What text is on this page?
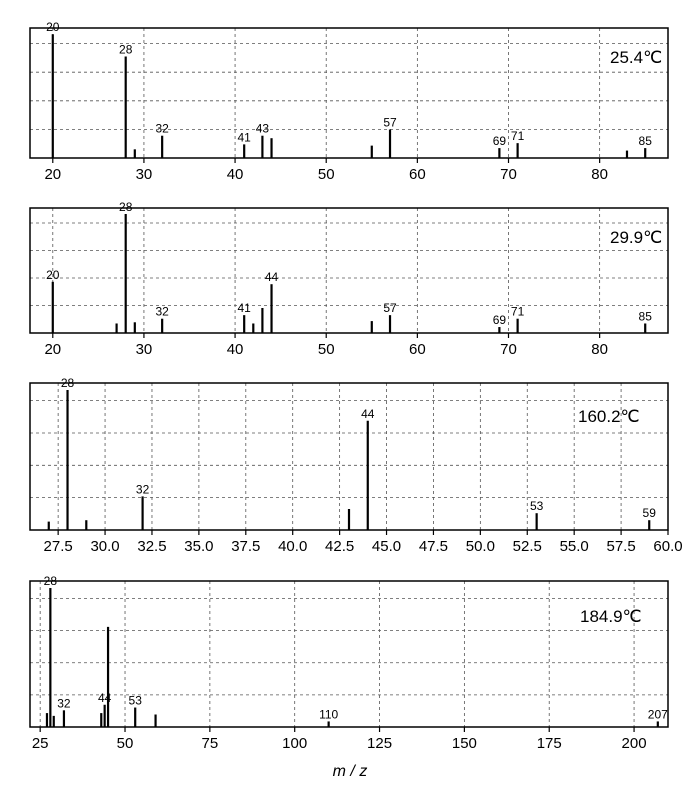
20	30	40	50	60	70	80
20
28
32
41
43	57
69 71	85
25.4℃
20	30	40	50	60	70	80
20
28
32	41
44
57
69
71	85
29.9℃
27.5 30.0 32.5 35.0 37.5 40.0 42.5 45.0 47.5 50.0 52.5 55.0 57.5 60.0
28
32
44
53	59
160.2℃
25	50	75	100	125	150	175	200
28
32 44 53
110	207
184.9℃
m / z
